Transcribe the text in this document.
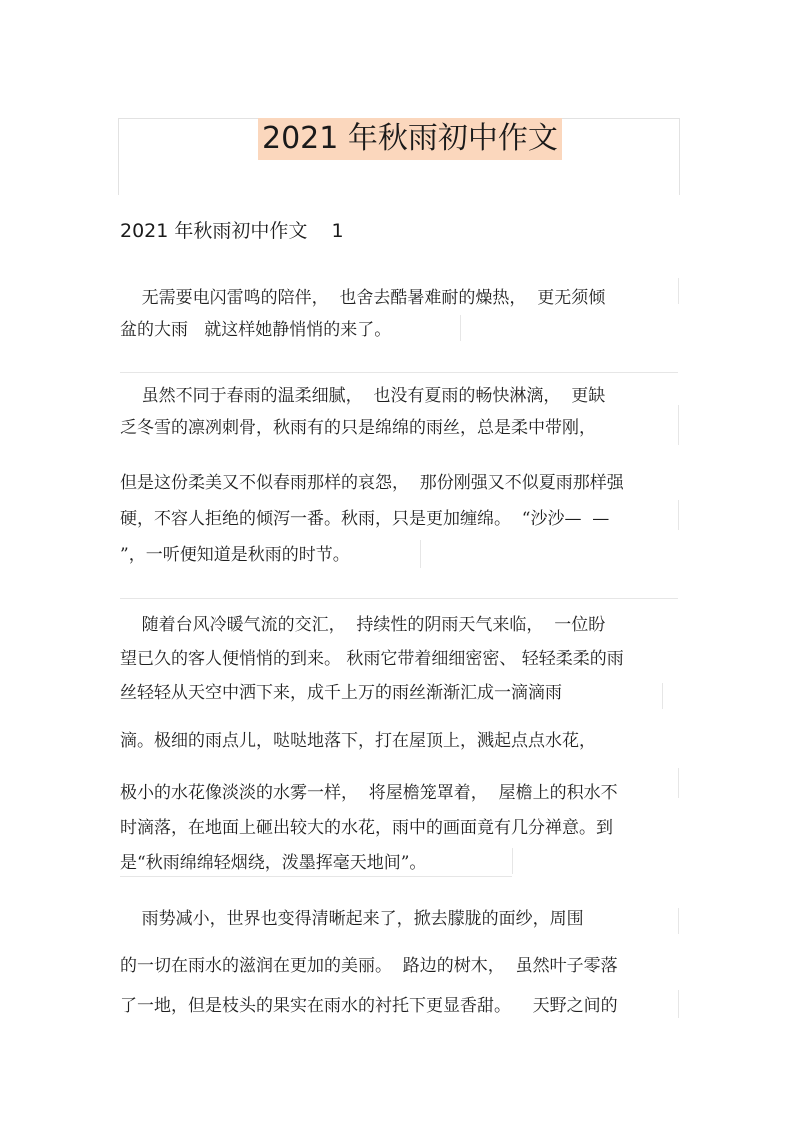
2021 年秋雨初中作文
2021 年秋雨初中作文    1
无需要电闪雷鸣的陪伴，  也舍去酷暑难耐的燥热，  更无须倾
盆的大雨   就这样她静悄悄的来了。
虽然不同于春雨的温柔细腻，  也没有夏雨的畅快淋漓，  更缺
乏冬雪的凛冽刺骨，秋雨有的只是绵绵的雨丝，总是柔中带刚，
但是这份柔美又不似春雨那样的哀怨，  那份刚强又不似夏雨那样强
硬，不容人拒绝的倾泻一番。秋雨，只是更加缠绵。  “沙沙—  —
”，一听便知道是秋雨的时节。
随着台风冷暖气流的交汇，  持续性的阴雨天气来临，  一位盼
望已久的客人便悄悄的到来。 秋雨它带着细细密密、 轻轻柔柔的雨
丝轻轻从天空中洒下来，成千上万的雨丝渐渐汇成一滴滴雨
滴。极细的雨点儿，哒哒地落下，打在屋顶上，溅起点点水花，
极小的水花像淡淡的水雾一样，  将屋檐笼罩着，  屋檐上的积水不
时滴落，在地面上砸出较大的水花，雨中的画面竟有几分禅意。到
是“秋雨绵绵轻烟绕，泼墨挥毫天地间”。
雨势减小，世界也变得清晰起来了，掀去朦胧的面纱，周围
的一切在雨水的滋润在更加的美丽。  路边的树木，  虽然叶子零落
了一地，但是枝头的果实在雨水的衬托下更显香甜。    天野之间的
